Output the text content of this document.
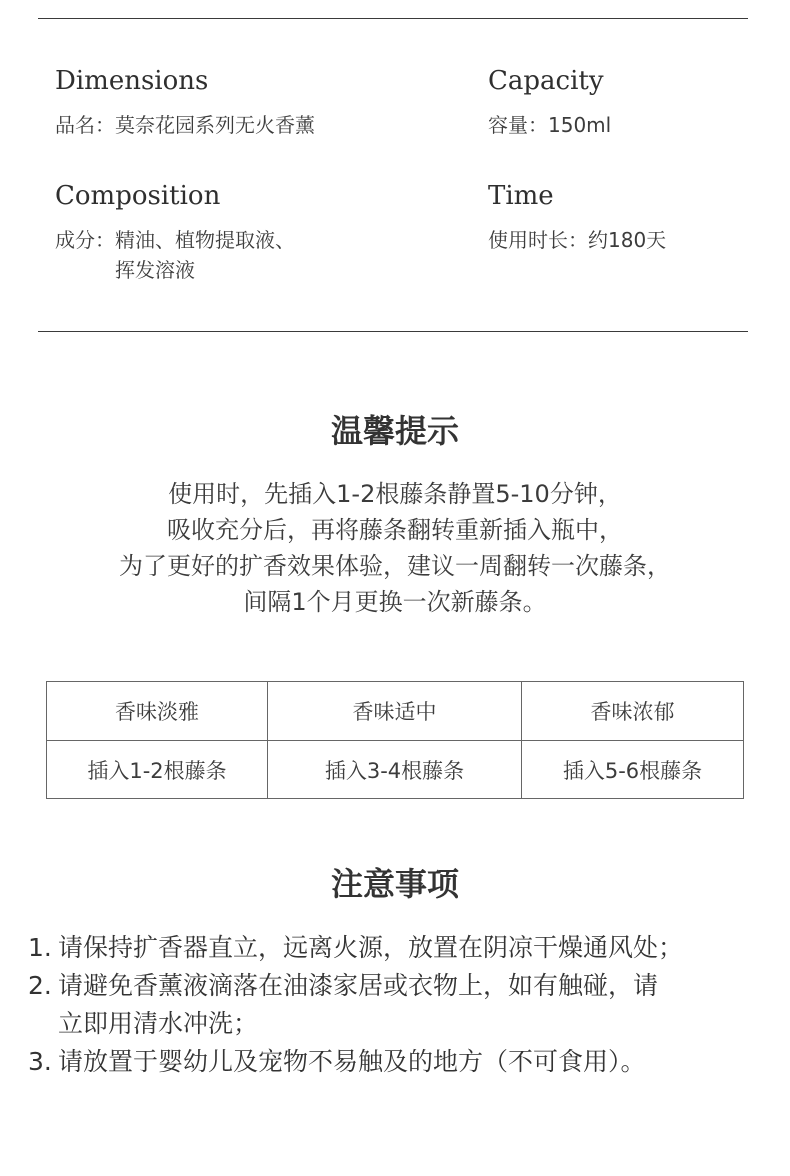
Dimensions
品名： 莫奈花园系列无火香薰
Capacity
容量： 150ml
Composition
成分： 精油、植物提取液、
挥发溶液
Time
使用时长： 约180天
温馨提示
使用时，先插入1-2根藤条静置5-10分钟，
吸收充分后，再将藤条翻转重新插入瓶中，
为了更好的扩香效果体验，建议一周翻转一次藤条，
间隔1个月更换一次新藤条。
香味淡雅	香味适中	香味浓郁
插入1-2根藤条	插入3-4根藤条	插入5-6根藤条
注意事项
1. 请保持扩香器直立，远离火源，放置在阴凉干燥通风处；
2. 请避免香薰液滴落在油漆家居或衣物上，如有触碰，请
立即用清水冲洗；
3. 请放置于婴幼儿及宠物不易触及的地方（不可食用）。
